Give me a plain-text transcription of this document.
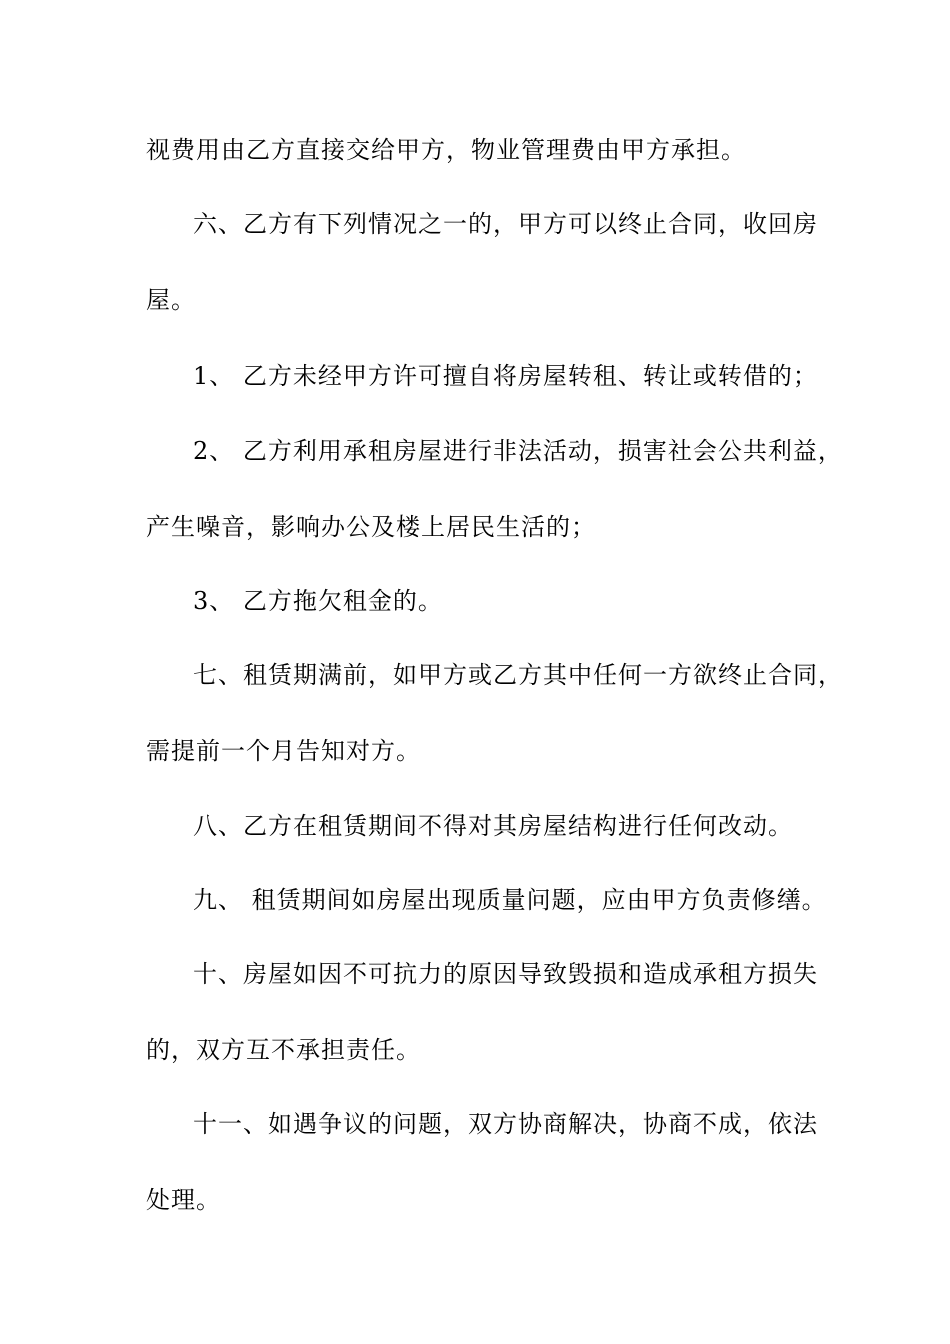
视费用由乙方直接交给甲方，物业管理费由甲方承担。
六、乙方有下列情况之一的，甲方可以终止合同，收回房
屋。
1、 乙方未经甲方许可擅自将房屋转租、转让或转借的；
2、 乙方利用承租房屋进行非法活动，损害社会公共利益，
产生噪音，影响办公及楼上居民生活的；
3、 乙方拖欠租金的。
七、租赁期满前，如甲方或乙方其中任何一方欲终止合同，
需提前一个月告知对方。
八、乙方在租赁期间不得对其房屋结构进行任何改动。
九、 租赁期间如房屋出现质量问题，应由甲方负责修缮。
十、房屋如因不可抗力的原因导致毁损和造成承租方损失
的，双方互不承担责任。
十一、如遇争议的问题，双方协商解决，协商不成，依法
处理。
